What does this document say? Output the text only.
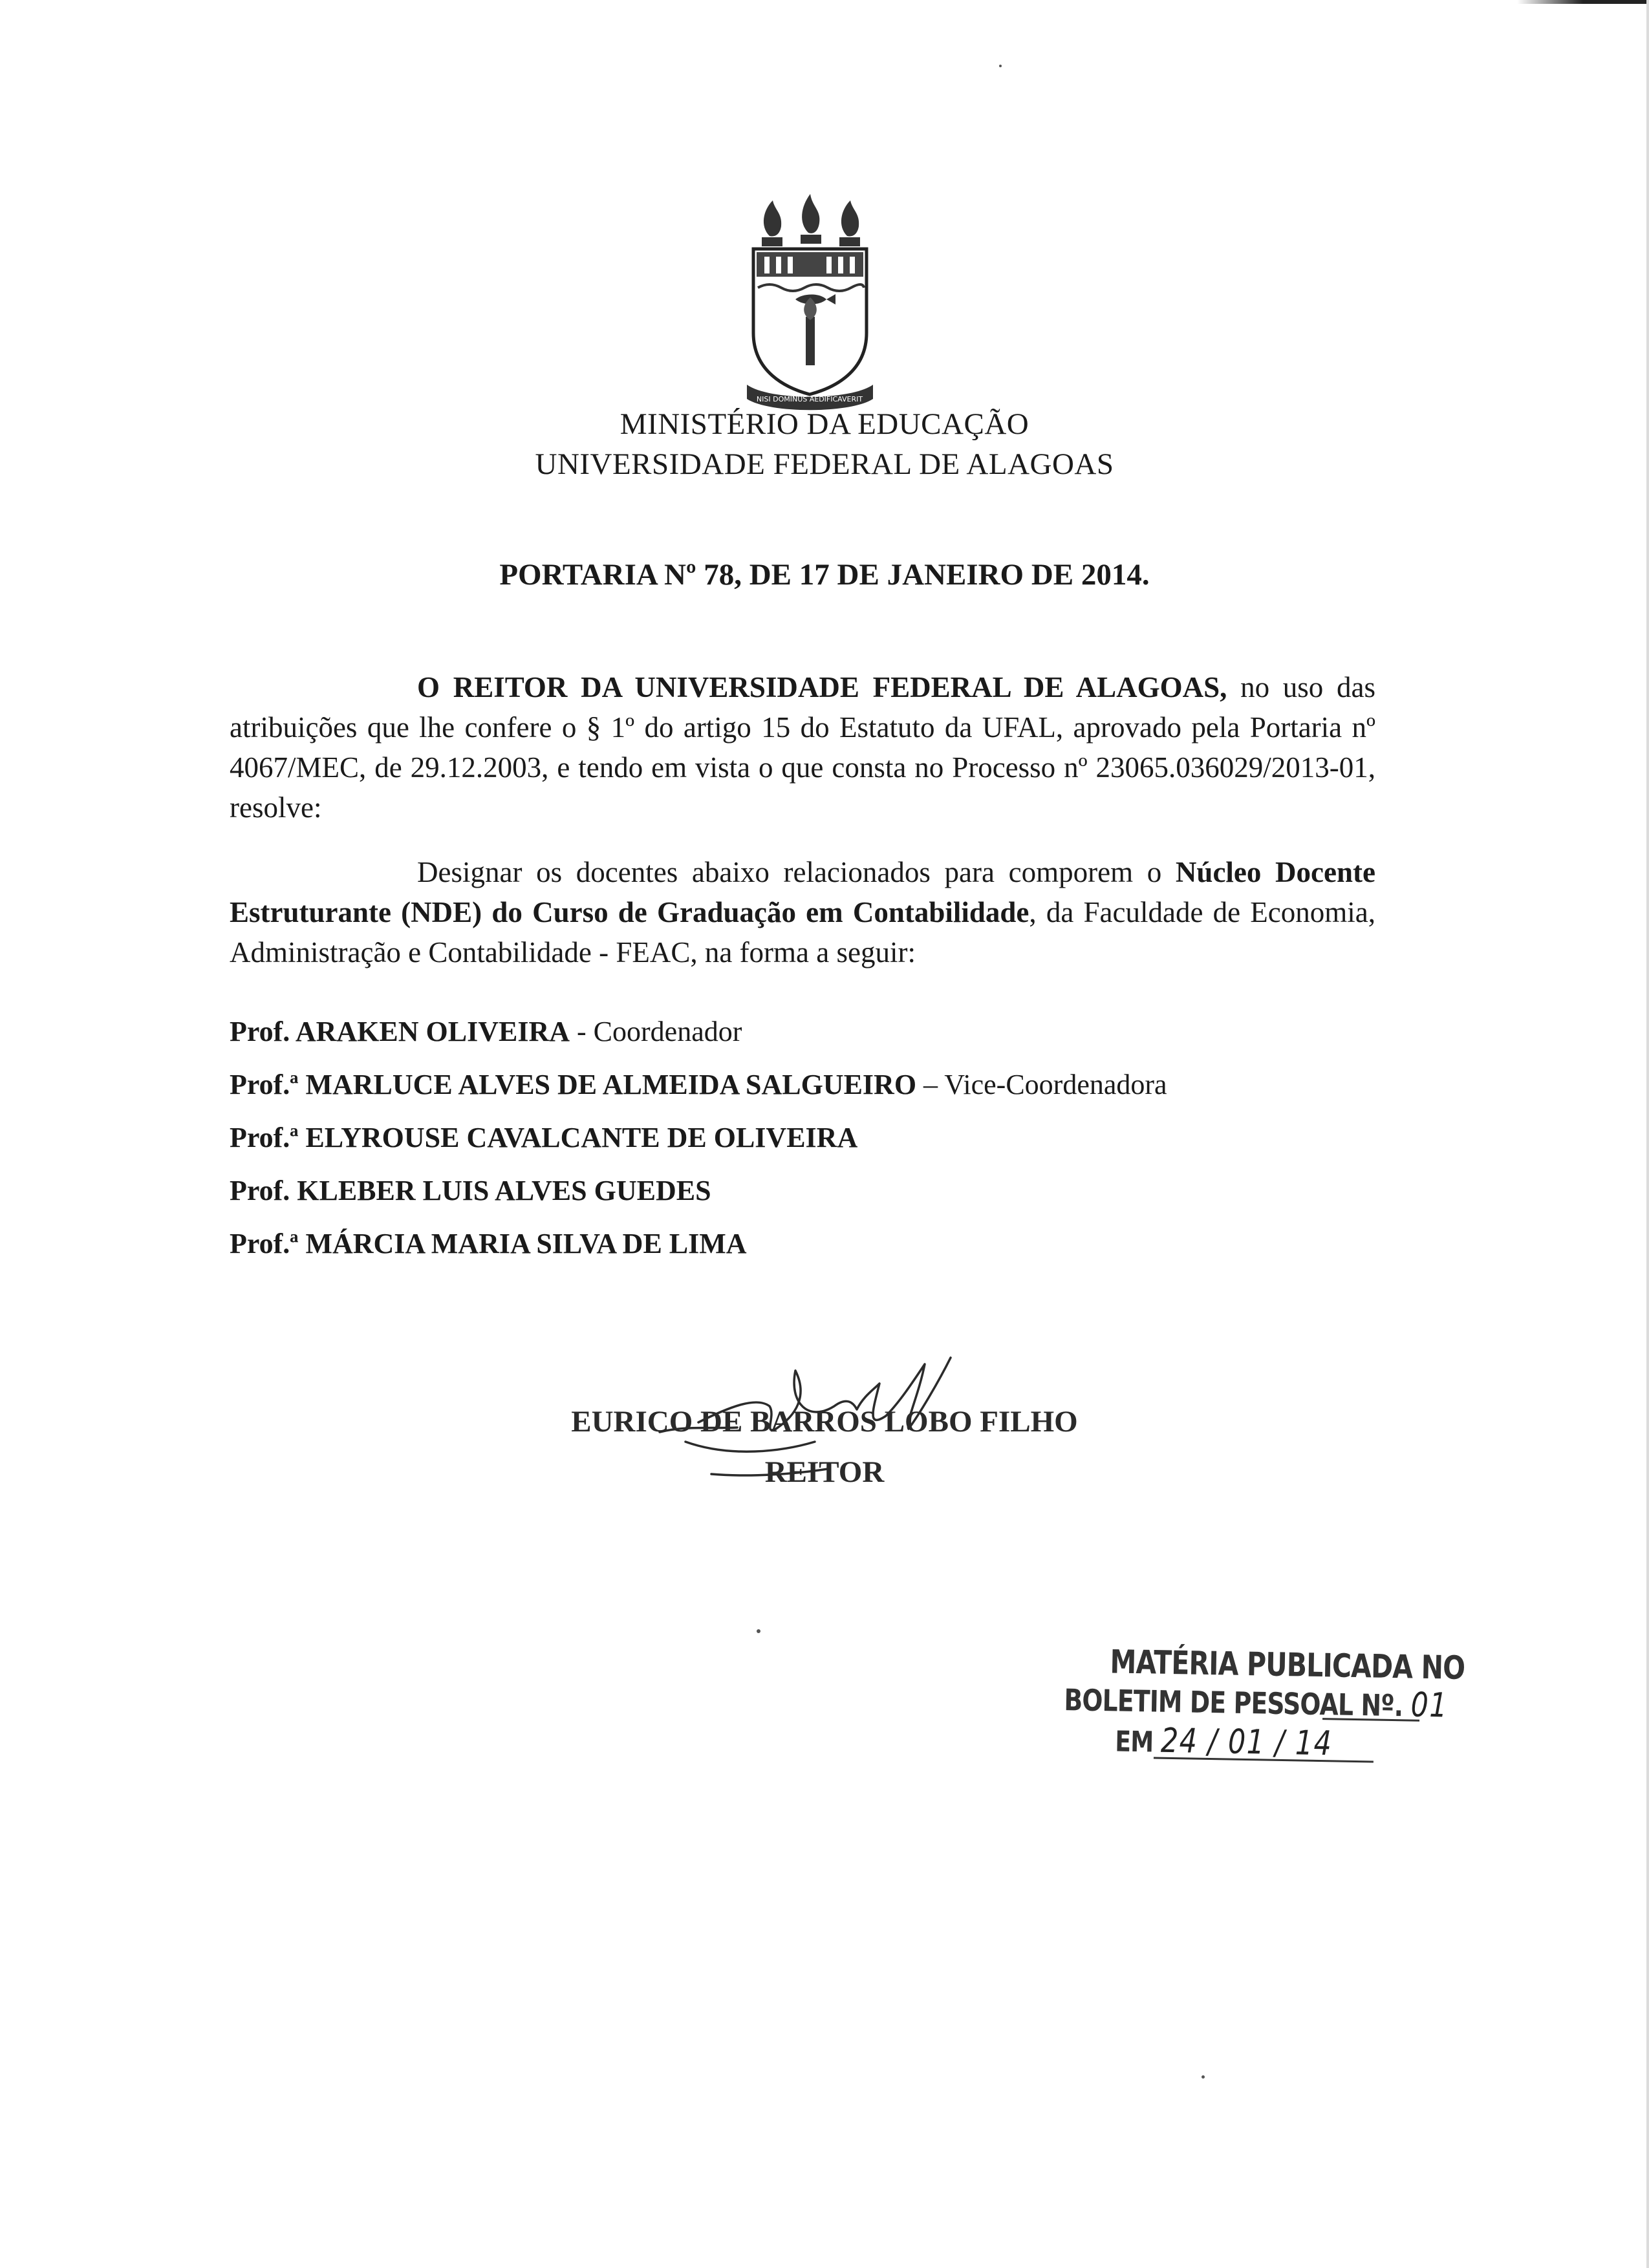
NISI DOMINUS AEDIFICAVERIT
MINISTÉRIO DA EDUCAÇÃO
UNIVERSIDADE FEDERAL DE ALAGOAS
PORTARIA Nº 78, DE 17 DE JANEIRO DE 2014.
O REITOR DA UNIVERSIDADE FEDERAL DE ALAGOAS, no uso das atribuições que lhe confere o § 1º do artigo 15 do Estatuto da UFAL, aprovado pela Portaria nº 4067/MEC, de 29.12.2003, e tendo em vista o que consta no Processo nº 23065.036029/2013-01, resolve:
Designar os docentes abaixo relacionados para comporem o Núcleo Docente Estruturante (NDE) do Curso de Graduação em Contabilidade, da Faculdade de Economia, Administração e Contabilidade - FEAC, na forma a seguir:
Prof. ARAKEN OLIVEIRA - Coordenador
Prof.ª MARLUCE ALVES DE ALMEIDA SALGUEIRO – Vice-Coordenadora
Prof.ª ELYROUSE CAVALCANTE DE OLIVEIRA
Prof. KLEBER LUIS ALVES GUEDES
Prof.ª MÁRCIA MARIA SILVA DE LIMA
EURICO DE BARROS LOBO FILHO
REITOR
MATÉRIA PUBLICADA NO
BOLETIM DE PESSOAL Nº. 01
EM 24 / 01 / 14
